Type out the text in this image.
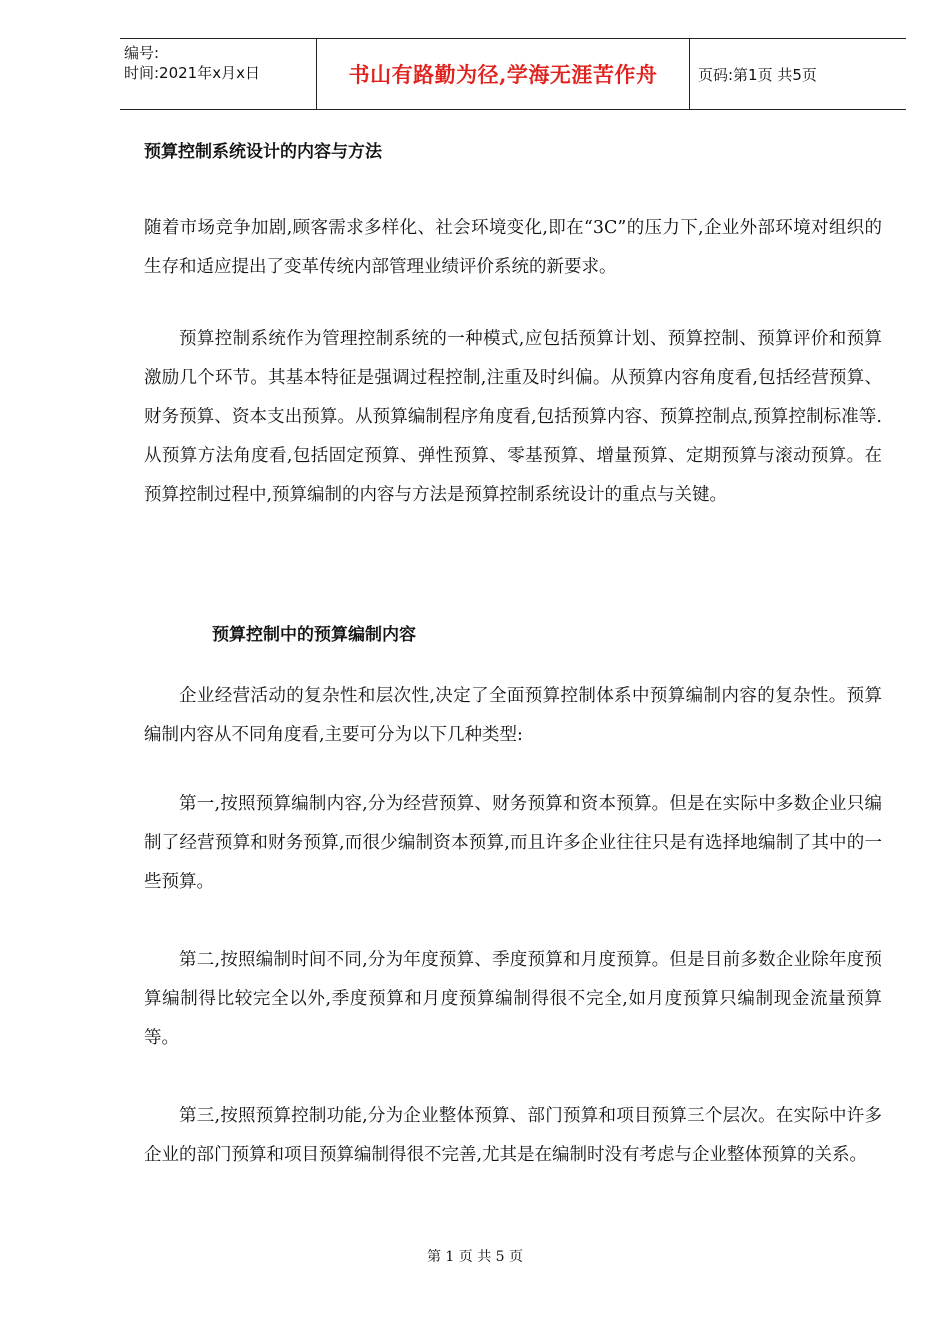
编号:
时间:2021年x月x日	书山有路勤为径,学海无涯苦作舟	页码:第1页 共5页
预算控制系统设计的内容与方法

随着市场竞争加剧,顾客需求多样化、社会环境变化,即在“3C”的压力下,企业外部环境对组织的生存和适应提出了变革传统内部管理业绩评价系统的新要求。

预算控制系统作为管理控制系统的一种模式,应包括预算计划、预算控制、预算评价和预算激励几个环节。其基本特征是强调过程控制,注重及时纠偏。从预算内容角度看,包括经营预算、财务预算、资本支出预算。从预算编制程序角度看,包括预算内容、预算控制点,预算控制标准等.从预算方法角度看,包括固定预算、弹性预算、零基预算、增量预算、定期预算与滚动预算。在预算控制过程中,预算编制的内容与方法是预算控制系统设计的重点与关键。

预算控制中的预算编制内容

企业经营活动的复杂性和层次性,决定了全面预算控制体系中预算编制内容的复杂性。预算编制内容从不同角度看,主要可分为以下几种类型:

第一,按照预算编制内容,分为经营预算、财务预算和资本预算。但是在实际中多数企业只编制了经营预算和财务预算,而很少编制资本预算,而且许多企业往往只是有选择地编制了其中的一些预算。

第二,按照编制时间不同,分为年度预算、季度预算和月度预算。但是目前多数企业除年度预算编制得比较完全以外,季度预算和月度预算编制得很不完全,如月度预算只编制现金流量预算等。

第三,按照预算控制功能,分为企业整体预算、部门预算和项目预算三个层次。在实际中许多企业的部门预算和项目预算编制得很不完善,尤其是在编制时没有考虑与企业整体预算的关系。

第 1 页 共 5 页
